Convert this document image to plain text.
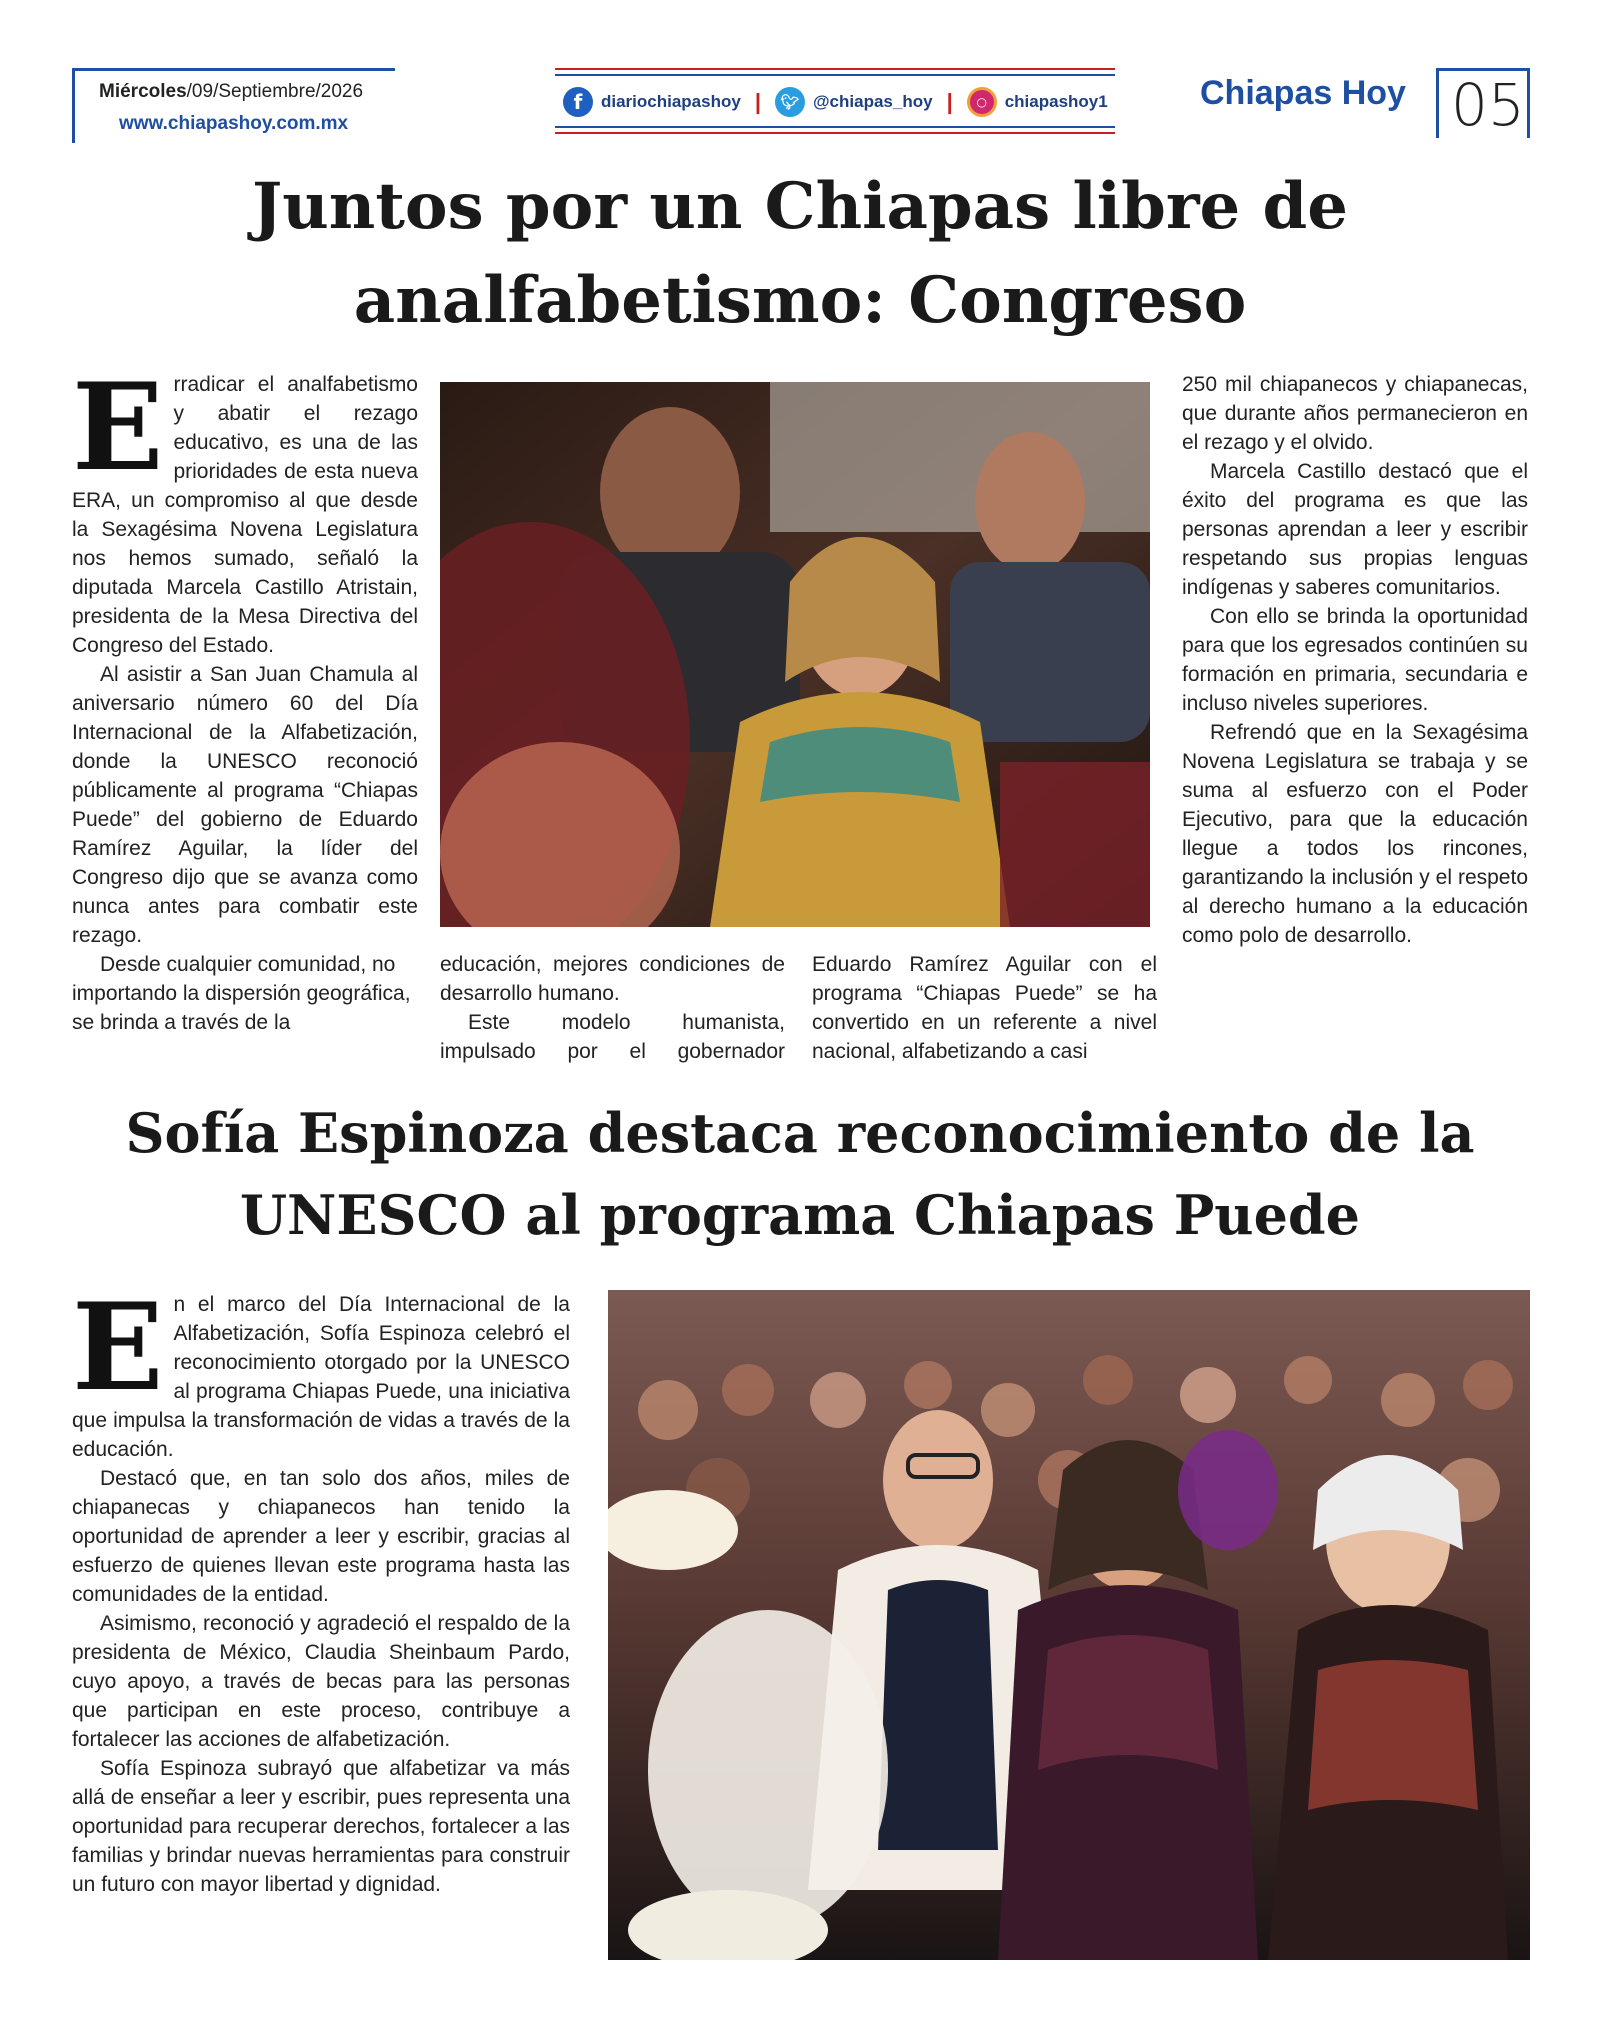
Miércoles/09/Septiembre/2026
www.chiapashoy.com.mx
f	diariochiapashoy |	🐦︎ @chiapas_hoy |	○	chiapashoy1	Chiapas Hoy 05
Juntos por un Chiapas libre de
analfabetismo: Congreso
E rradicar el analfabetismo y abatir el rezago educativo, es una de las prioridades de esta nueva ERA, un compromiso al que desde la Sexagésima Novena Legislatura nos hemos sumado, señaló la diputada Marcela Castillo Atristain, presidenta de la Mesa Directiva del Congreso del Estado.

Al asistir a San Juan Chamula al aniversario número 60 del Día Internacional de la Alfabetización, donde la UNESCO reconoció públicamente al programa “Chiapas Puede” del gobierno de Eduardo Ramírez Aguilar, la líder del Congreso dijo que se avanza como nunca antes para combatir este rezago.

Desde cualquier comunidad, no importando la dispersión geográfica, se brinda a través de la

educación, mejores condiciones de desarrollo humano.

Este modelo humanista, impulsado por el gobernador

Eduardo Ramírez Aguilar con el programa “Chiapas Puede” se ha convertido en un referente a nivel nacional, alfabetizando a casi

250 mil chiapanecos y chiapanecas, que durante años permanecieron en el rezago y el olvido.

Marcela Castillo destacó que el éxito del programa es que las personas aprendan a leer y escribir respetando sus propias lenguas indígenas y saberes comunitarios.

Con ello se brinda la oportunidad para que los egresados continúen su formación en primaria, secundaria e incluso niveles superiores.

Refrendó que en la Sexagésima Novena Legislatura se trabaja y se suma al esfuerzo con el Poder Ejecutivo, para que la educación llegue a todos los rincones, garantizando la inclusión y el respeto al derecho humano a la educación como polo de desarrollo.

Sofía Espinoza destaca reconocimiento de la
UNESCO al programa Chiapas Puede
E n el marco del Día Internacional de la Alfabetización, Sofía Espinoza celebró el reconocimiento otorgado por la UNESCO al programa Chiapas Puede, una iniciativa que impulsa la transformación de vidas a través de la educación.

Destacó que, en tan solo dos años, miles de chiapanecas y chiapanecos han tenido la oportunidad de aprender a leer y escribir, gracias al esfuerzo de quienes llevan este programa hasta las comunidades de la entidad.

Asimismo, reconoció y agradeció el respaldo de la presidenta de México, Claudia Sheinbaum Pardo, cuyo apoyo, a través de becas para las personas que participan en este proceso, contribuye a fortalecer las acciones de alfabetización.

Sofía Espinoza subrayó que alfabetizar va más allá de enseñar a leer y escribir, pues representa una oportunidad para recuperar derechos, fortalecer a las familias y brindar nuevas herramientas para construir un futuro con mayor libertad y dignidad.
